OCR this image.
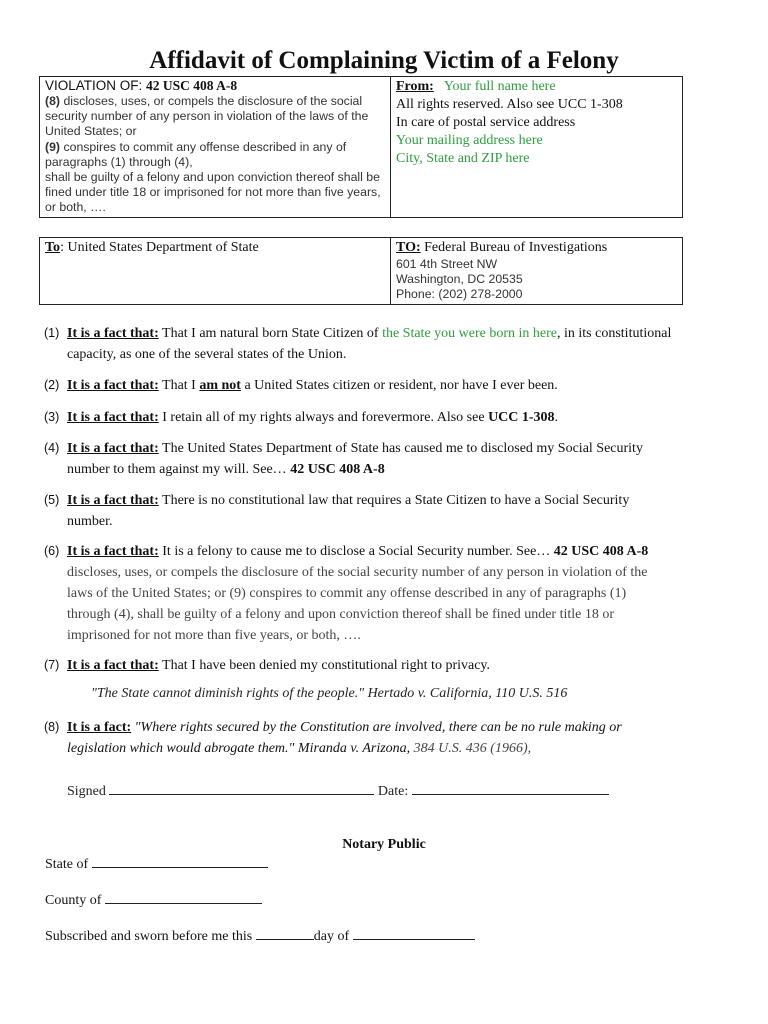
Affidavit of Complaining Victim of a Felony
VIOLATION OF: 42 USC 408 A-8
(8) discloses, uses, or compels the disclosure of the social security number of any person in violation of the laws of the United States; or
(9) conspires to commit any offense described in any of paragraphs (1) through (4),
shall be guilty of a felony and upon conviction thereof shall be fined under title 18 or imprisoned for not more than five years, or both, ….

From: Your full name here
All rights reserved. Also see UCC 1-308
In care of postal service address
Your mailing address here
City, State and ZIP here
To: United States Department of State	TO: Federal Bureau of Investigations
601 4th Street NW
Washington, DC 20535
Phone: (202) 278-2000
(1) It is a fact that: That I am natural born State Citizen of the State you were born in here, in its constitutional
capacity, as one of the several states of the Union.
(2) It is a fact that: That I am not a United States citizen or resident, nor have I ever been.
(3) It is a fact that: I retain all of my rights always and forevermore. Also see UCC 1-308.
(4) It is a fact that: The United States Department of State has caused me to disclosed my Social Security
number to them against my will. See… 42 USC 408 A-8
(5) It is a fact that: There is no constitutional law that requires a State Citizen to have a Social Security
number.
(6) It is a fact that: It is a felony to cause me to disclose a Social Security number. See… 42 USC 408 A-8
discloses, uses, or compels the disclosure of the social security number of any person in violation of the
laws of the United States; or (9) conspires to commit any offense described in any of paragraphs (1)
through (4), shall be guilty of a felony and upon conviction thereof shall be fined under title 18 or
imprisoned for not more than five years, or both, ….
(7) It is a fact that: That I have been denied my constitutional right to privacy.
"The State cannot diminish rights of the people." Hertado v. California, 110 U.S. 516
(8) It is a fact: "Where rights secured by the Constitution are involved, there can be no rule making or
legislation which would abrogate them." Miranda v. Arizona, 384 U.S. 436 (1966),
Signed	Date:
Notary Public
State of
County of
Subscribed and sworn before me this	day of
